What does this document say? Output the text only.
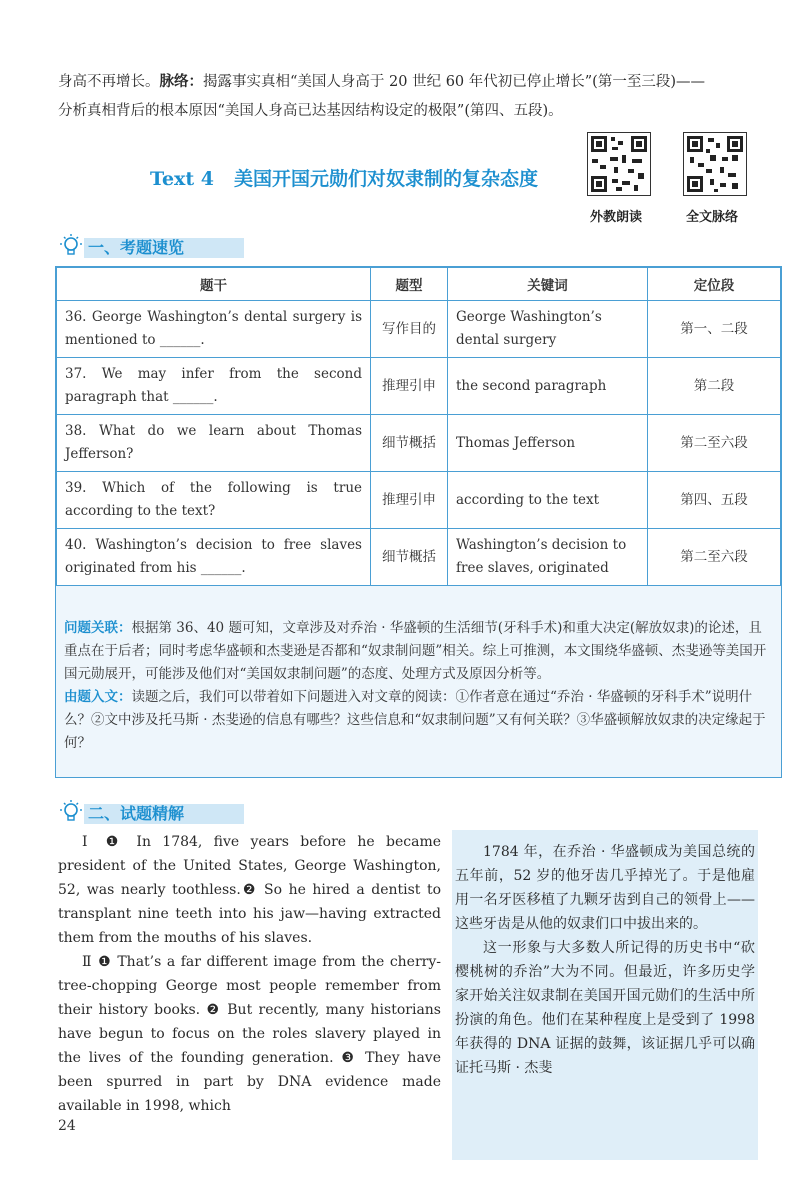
身高不再增长。脉络：揭露事实真相“美国人身高于 20 世纪 60 年代初已停止增长”(第一至三段)——
分析真相背后的根本原因“美国人身高已达基因结构设定的极限”(第四、五段)。
Text 4 美国开国元勋们对奴隶制的复杂态度
外教朗读	全文脉络
一、考题速览
题干	题型	关键词	定位段
36. George Washington’s dental surgery is mentioned to ______.	写作目的	George Washington’s dental surgery	第一、二段
37. We may infer from the second paragraph that ______.	推理引申	the second paragraph	第二段
38. What do we learn about Thomas Jefferson?	细节概括	Thomas Jefferson	第二至六段
39. Which of the following is true according to the text?	推理引申	according to the text	第四、五段
40. Washington’s decision to free slaves originated from his ______.	细节概括	Washington’s decision to free slaves, originated	第二至六段

问题关联：根据第 36、40 题可知，文章涉及对乔治 · 华盛顿的生活细节(牙科手术)和重大决定(解放奴隶)的论述，且重点在于后者；同时考虑华盛顿和杰斐逊是否都和“奴隶制问题”相关。综上可推测，本文围绕华盛顿、杰斐逊等美国开国元勋展开，可能涉及他们对“美国奴隶制问题”的态度、处理方式及原因分析等。

由题入文：读题之后，我们可以带着如下问题进入对文章的阅读：①作者意在通过“乔治 · 华盛顿的牙科手术”说明什么？②文中涉及托马斯 · 杰斐逊的信息有哪些？这些信息和“奴隶制问题”又有何关联？③华盛顿解放奴隶的决定缘起于何？

二、试题精解

Ⅰ ❶ In 1784, five years before he became president of the United States, George Washington, 52, was nearly toothless.❷ So he hired a dentist to transplant nine teeth into his jaw—having extracted them from the mouths of his slaves.

Ⅱ ❶ That’s a far different image from the cherry-tree-chopping George most people remember from their history books. ❷ But recently, many historians have begun to focus on the roles slavery played in the lives of the founding generation. ❸ They have been spurred in part by DNA evidence made available in 1998, which

1784 年，在乔治 · 华盛顿成为美国总统的五年前，52 岁的他牙齿几乎掉光了。于是他雇用一名牙医移植了九颗牙齿到自己的领骨上——这些牙齿是从他的奴隶们口中拔出来的。

这一形象与大多数人所记得的历史书中“砍樱桃树的乔治”大为不同。但最近，许多历史学家开始关注奴隶制在美国开国元勋们的生活中所扮演的角色。他们在某种程度上是受到了 1998 年获得的 DNA 证据的鼓舞，该证据几乎可以确证托马斯 · 杰斐

24
